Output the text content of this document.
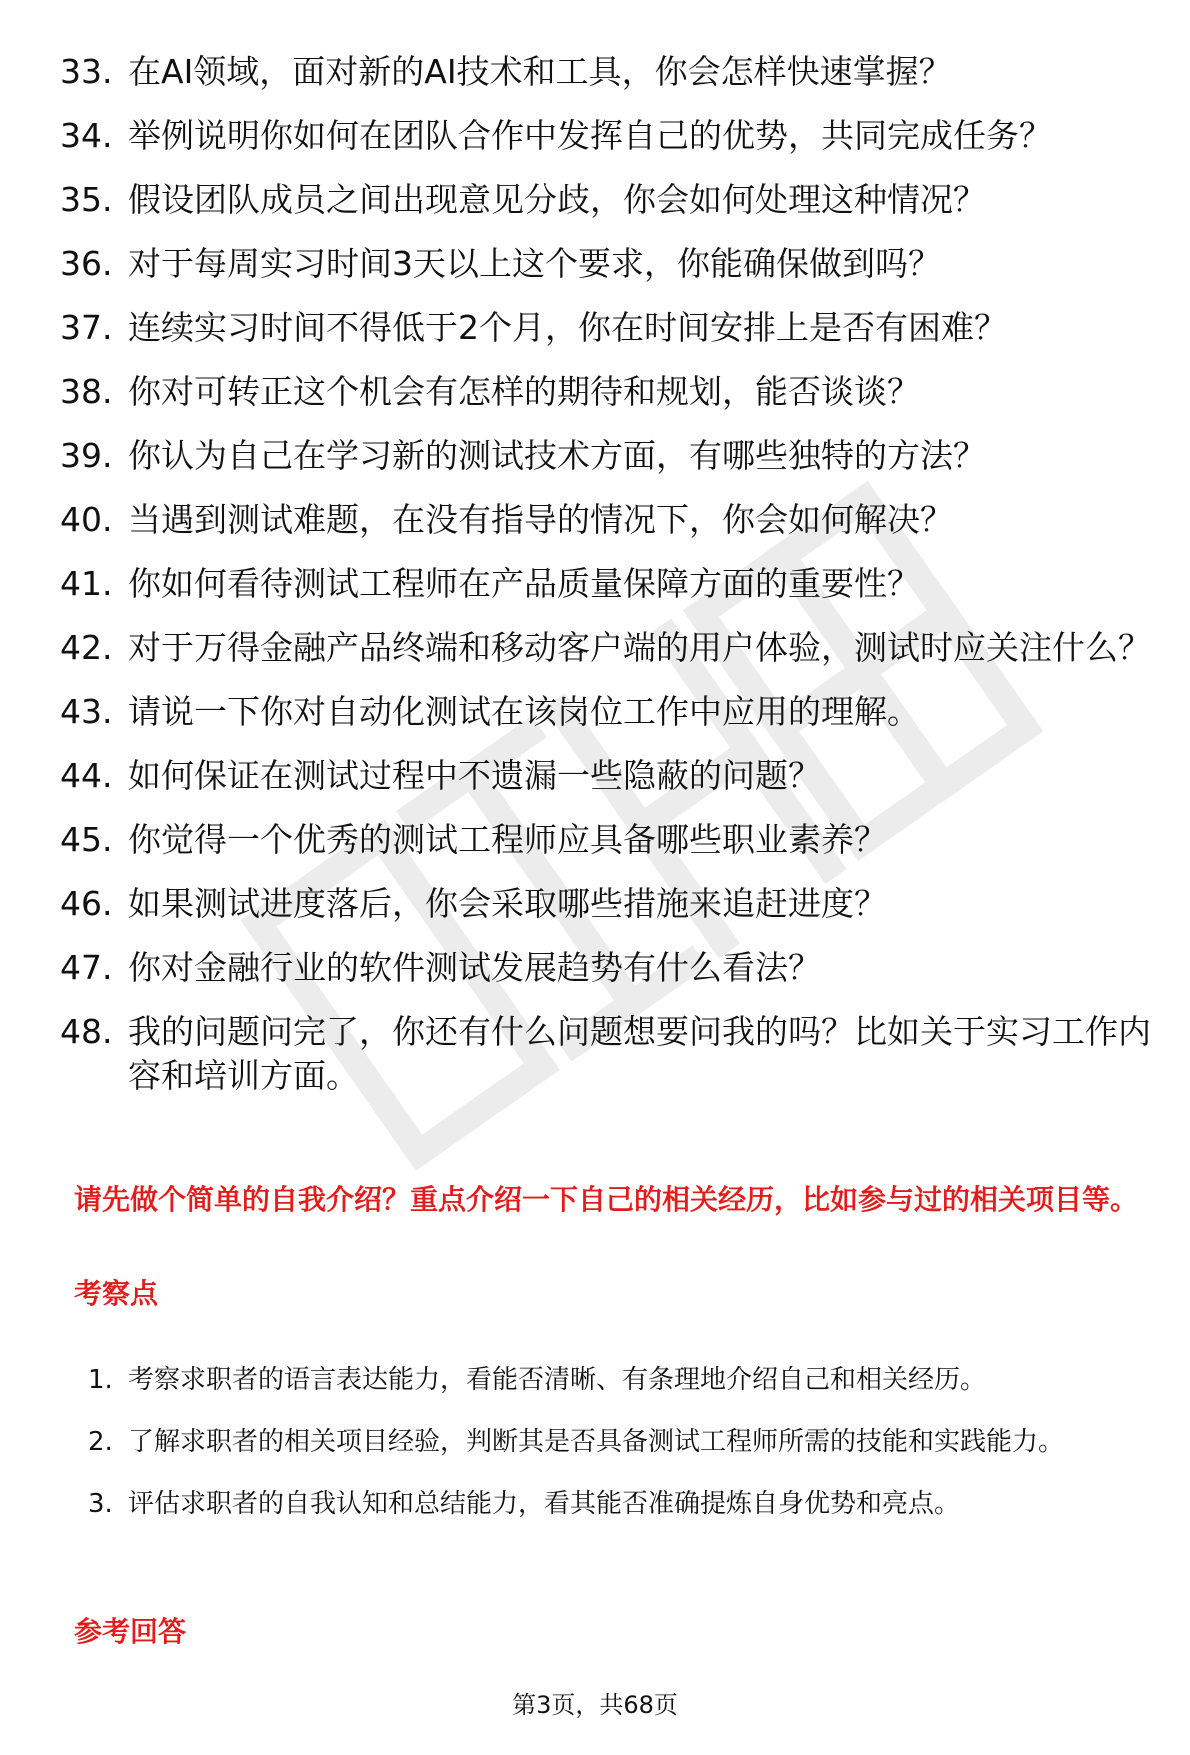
33. 在AI领域，面对新的AI技术和工具，你会怎样快速掌握？
34. 举例说明你如何在团队合作中发挥自己的优势，共同完成任务？
35. 假设团队成员之间出现意见分歧，你会如何处理这种情况？
36. 对于每周实习时间3天以上这个要求，你能确保做到吗？
37. 连续实习时间不得低于2个月，你在时间安排上是否有困难？
38. 你对可转正这个机会有怎样的期待和规划，能否谈谈？
39. 你认为自己在学习新的测试技术方面，有哪些独特的方法？
40. 当遇到测试难题，在没有指导的情况下，你会如何解决？
41. 你如何看待测试工程师在产品质量保障方面的重要性？
42. 对于万得金融产品终端和移动客户端的用户体验，测试时应关注什么？
43. 请说一下你对自动化测试在该岗位工作中应用的理解。
44. 如何保证在测试过程中不遗漏一些隐蔽的问题？
45. 你觉得一个优秀的测试工程师应具备哪些职业素养？
46. 如果测试进度落后，你会采取哪些措施来追赶进度？
47. 你对金融行业的软件测试发展趋势有什么看法？
48. 我的问题问完了，你还有什么问题想要问我的吗？比如关于实习工作内容和培训方面。
请先做个简单的自我介绍？重点介绍一下自己的相关经历，比如参与过的相关项目等。
考察点
1. 考察求职者的语言表达能力，看能否清晰、有条理地介绍自己和相关经历。
2. 了解求职者的相关项目经验，判断其是否具备测试工程师所需的技能和实践能力。
3. 评估求职者的自我认知和总结能力，看其能否准确提炼自身优势和亮点。
参考回答
第3页，共68页
